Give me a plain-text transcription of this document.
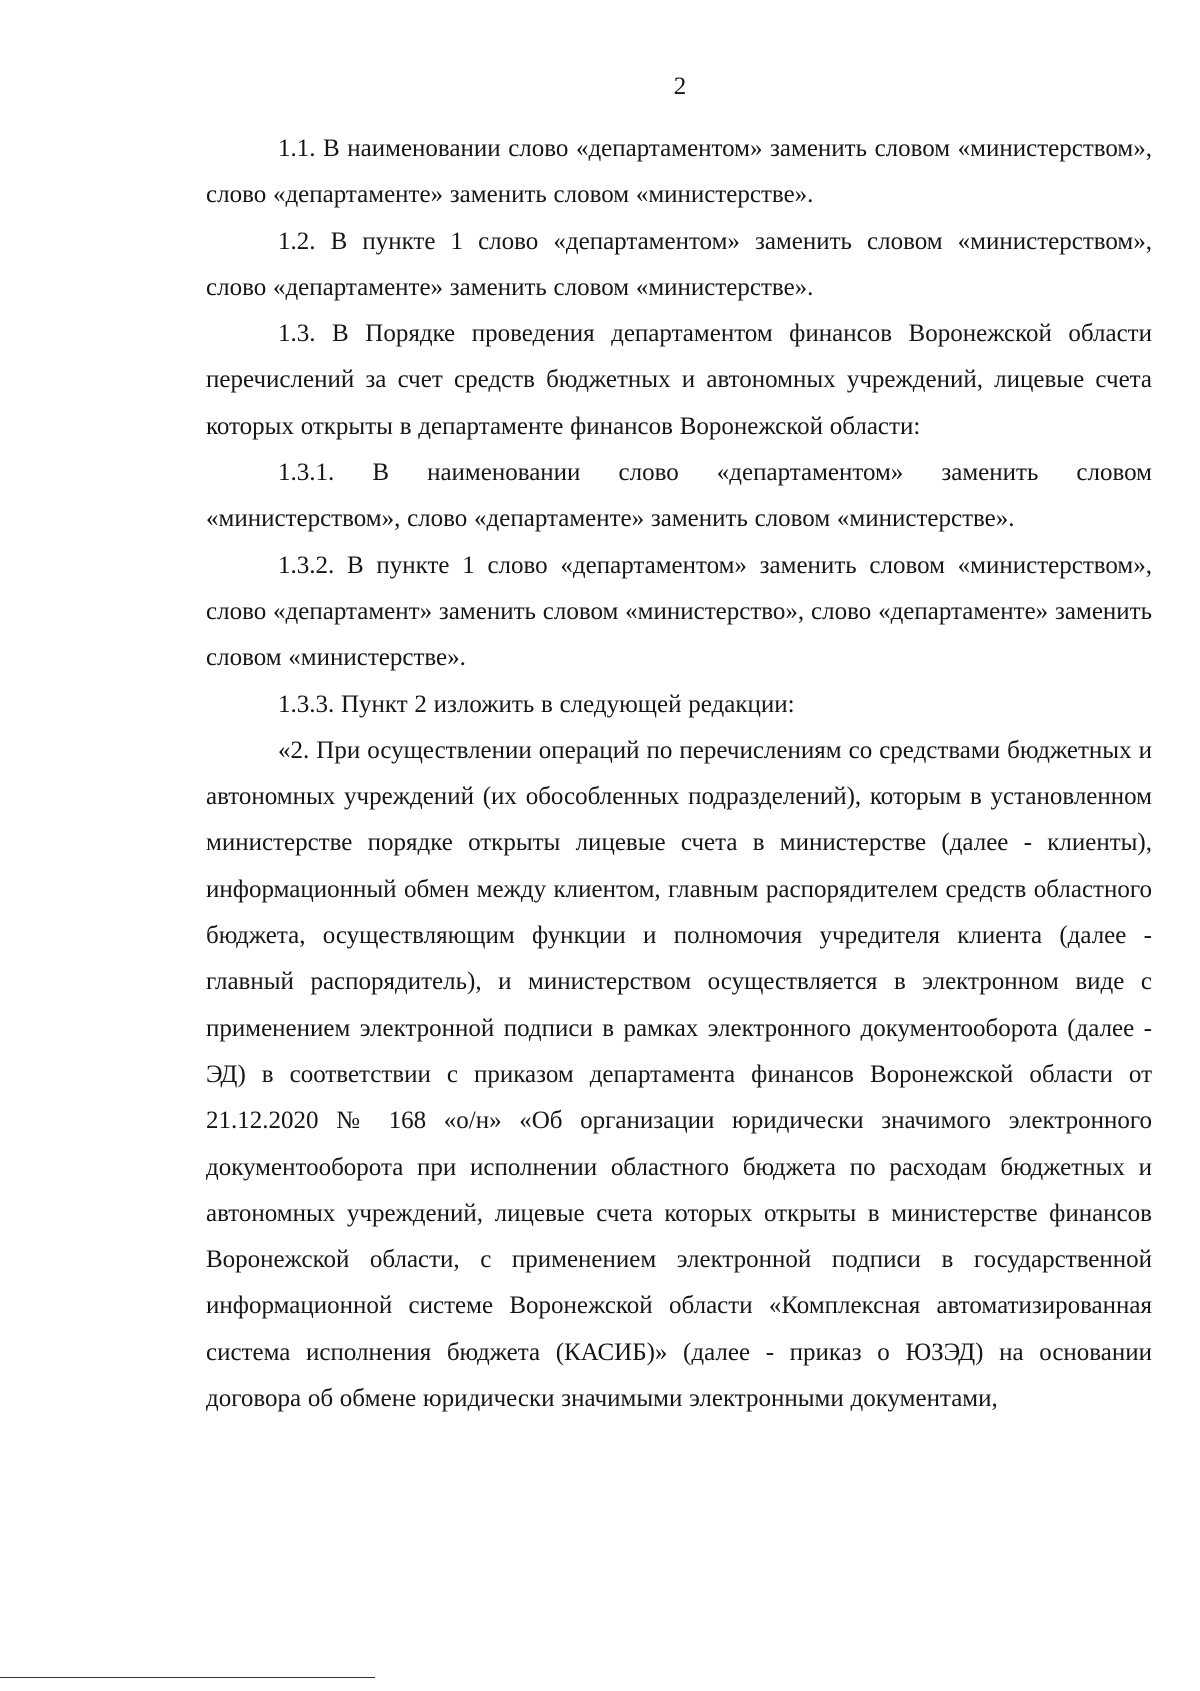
2

1.1. В наименовании слово «департаментом» заменить словом «министерством», слово «департаменте» заменить словом «министерстве».

1.2. В пункте 1 слово «департаментом» заменить словом «министерством», слово «департаменте» заменить словом «министерстве».

1.3. В Порядке проведения департаментом финансов Воронежской области перечислений за счет средств бюджетных и автономных учреждений, лицевые счета которых открыты в департаменте финансов Воронежской области:

1.3.1. В наименовании слово «департаментом» заменить словом «министерством», слово «департаменте» заменить словом «министерстве».

1.3.2. В пункте 1 слово «департаментом» заменить словом «министерством», слово «департамент» заменить словом «министерство», слово «департаменте» заменить словом «министерстве».

1.3.3. Пункт 2 изложить в следующей редакции:

«2. При осуществлении операций по перечислениям со средствами бюджетных и автономных учреждений (их обособленных подразделений), которым в установленном министерстве порядке открыты лицевые счета в министерстве (далее - клиенты), информационный обмен между клиентом, главным распорядителем средств областного бюджета, осуществляющим функции и полномочия учредителя клиента (далее - главный распорядитель), и министерством осуществляется в электронном виде с применением электронной подписи в рамках электронного документооборота (далее - ЭД) в соответствии с приказом департамента финансов Воронежской области от 21.12.2020 № 168 «о/н» «Об организации юридически значимого электронного документооборота при исполнении областного бюджета по расходам бюджетных и автономных учреждений, лицевые счета которых открыты в министерстве финансов Воронежской области, с применением электронной подписи в государственной информационной системе Воронежской области «Комплексная автоматизированная система исполнения бюджета (КАСИБ)» (далее - приказ о ЮЗЭД) на основании договора об обмене юридически значимыми электронными документами,
